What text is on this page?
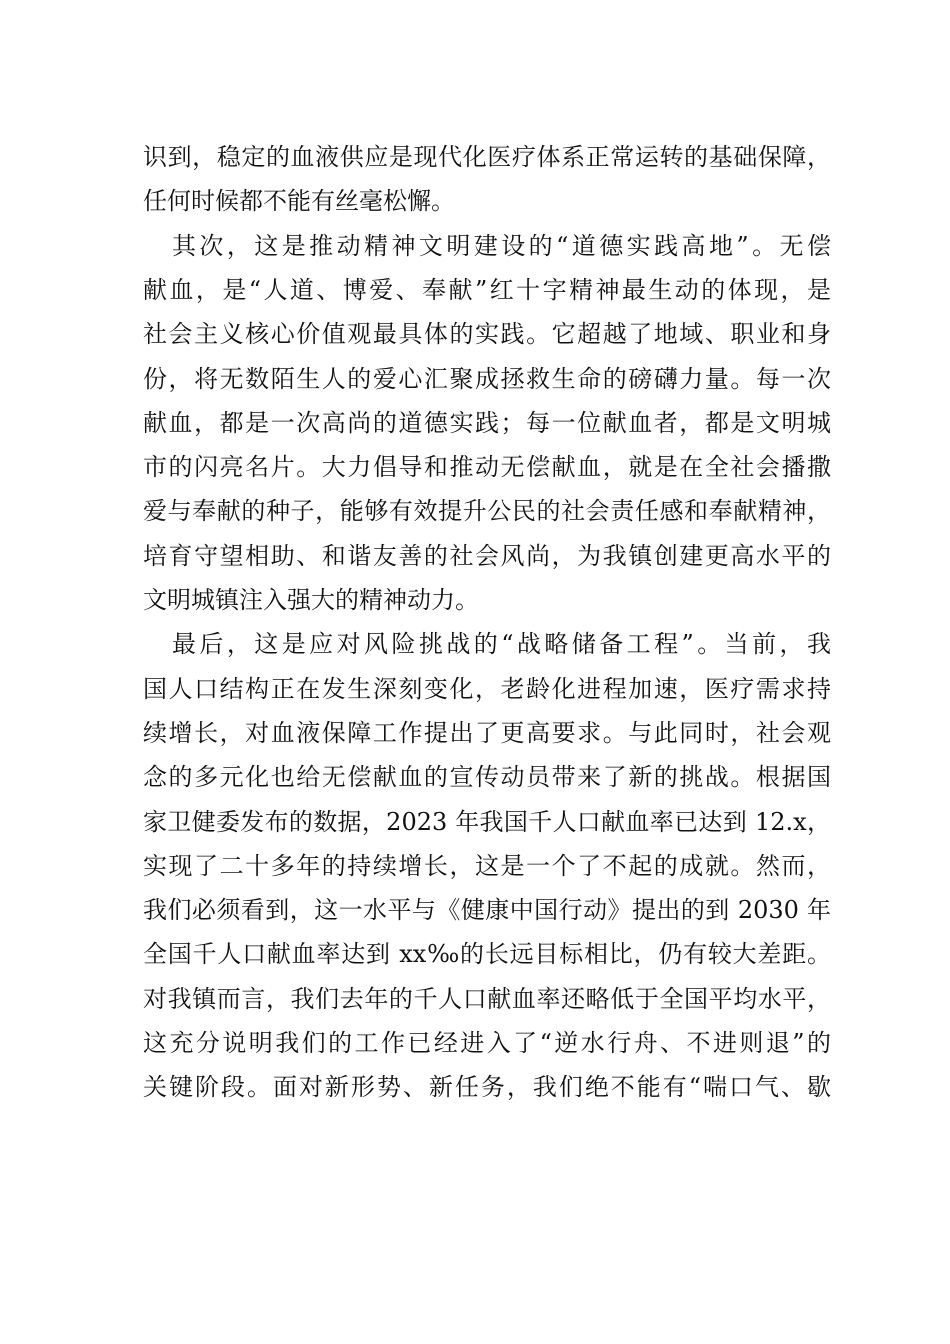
识到，稳定的血液供应是现代化医疗体系正常运转的基础保障，
任何时候都不能有丝毫松懈。
其次，这是推动精神文明建设的“道德实践高地”。无偿
献血，是“人道、博爱、奉献”红十字精神最生动的体现，是
社会主义核心价值观最具体的实践。它超越了地域、职业和身
份，将无数陌生人的爱心汇聚成拯救生命的磅礴力量。每一次
献血，都是一次高尚的道德实践；每一位献血者，都是文明城
市的闪亮名片。大力倡导和推动无偿献血，就是在全社会播撒
爱与奉献的种子，能够有效提升公民的社会责任感和奉献精神，
培育守望相助、和谐友善的社会风尚，为我镇创建更高水平的
文明城镇注入强大的精神动力。
最后，这是应对风险挑战的“战略储备工程”。当前，我
国人口结构正在发生深刻变化，老龄化进程加速，医疗需求持
续增长，对血液保障工作提出了更高要求。与此同时，社会观
念的多元化也给无偿献血的宣传动员带来了新的挑战。根据国
家卫健委发布的数据，2023 年我国千人口献血率已达到 12.x，
实现了二十多年的持续增长，这是一个了不起的成就。然而，
我们必须看到，这一水平与《健康中国行动》提出的到 2030 年
全国千人口献血率达到 xx‰的长远目标相比，仍有较大差距。
对我镇而言，我们去年的千人口献血率还略低于全国平均水平，
这充分说明我们的工作已经进入了“逆水行舟、不进则退”的
关键阶段。面对新形势、新任务，我们绝不能有“喘口气、歇
